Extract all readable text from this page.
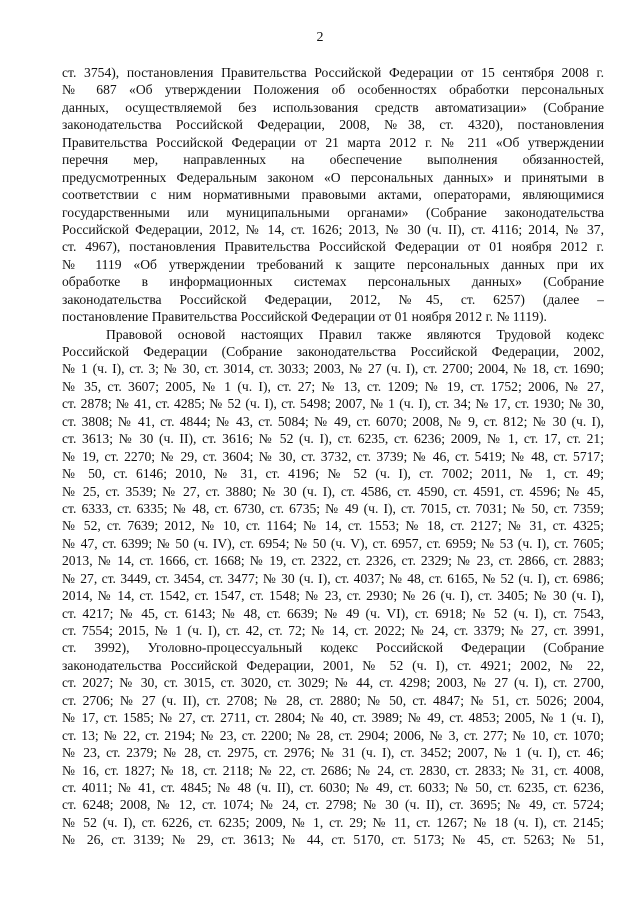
2
ст. 3754), постановления Правительства Российской Федерации от 15 сентября 2008 г.
№ 687 «Об утверждении Положения об особенностях обработки персональных
данных, осуществляемой без использования средств автоматизации» (Собрание
законодательства Российской Федерации, 2008, №38, ст. 4320), постановления
Правительства Российской Федерации от 21 марта 2012 г. № 211 «Об утверждении
перечня мер, направленных на обеспечение выполнения обязанностей,
предусмотренных Федеральным законом «О персональных данных» и принятыми в
соответствии с ним нормативными правовыми актами, операторами, являющимися
государственными или муниципальными органами» (Собрание законодательства
Российской Федерации, 2012, № 14, ст. 1626; 2013, № 30 (ч. II), ст. 4116; 2014, № 37,
ст. 4967), постановления Правительства Российской Федерации от 01 ноября 2012 г.
№ 1119 «Об утверждении требований к защите персональных данных при их
обработке в информационных системах персональных данных» (Собрание
законодательства Российской Федерации, 2012, №45, ст. 6257) (далее –
постановление Правительства Российской Федерации от 01 ноября 2012 г. № 1119).
Правовой основой настоящих Правил также являются Трудовой кодекс
Российской Федерации (Собрание законодательства Российской Федерации, 2002,
№ 1 (ч. I), ст. 3; № 30, ст. 3014, ст. 3033; 2003, № 27 (ч. I), ст. 2700; 2004, № 18, ст. 1690;
№ 35, ст. 3607; 2005, № 1 (ч. I), ст. 27; № 13, ст. 1209; № 19, ст. 1752; 2006, № 27,
ст. 2878; № 41, ст. 4285; № 52 (ч. I), ст. 5498; 2007, № 1 (ч. I), ст. 34; № 17, ст. 1930; № 30,
ст. 3808; № 41, ст. 4844; № 43, ст. 5084; № 49, ст. 6070; 2008, № 9, ст. 812; № 30 (ч. I),
ст. 3613; № 30 (ч. II), ст. 3616; № 52 (ч. I), ст. 6235, ст. 6236; 2009, № 1, ст. 17, ст. 21;
№ 19, ст. 2270; № 29, ст. 3604; № 30, ст. 3732, ст. 3739; № 46, ст. 5419; № 48, ст. 5717;
№ 50, ст. 6146; 2010, № 31, ст. 4196; № 52 (ч. I), ст. 7002; 2011, № 1, ст. 49;
№ 25, ст. 3539; № 27, ст. 3880; № 30 (ч. I), ст. 4586, ст. 4590, ст. 4591, ст. 4596; № 45,
ст. 6333, ст. 6335; № 48, ст. 6730, ст. 6735; № 49 (ч. I), ст. 7015, ст. 7031; № 50, ст. 7359;
№ 52, ст. 7639; 2012, № 10, ст. 1164; № 14, ст. 1553; № 18, ст. 2127; № 31, ст. 4325;
№ 47, ст. 6399; № 50 (ч. IV), ст. 6954; № 50 (ч. V), ст. 6957, ст. 6959; № 53 (ч. I), ст. 7605;
2013, № 14, ст. 1666, ст. 1668; № 19, ст. 2322, ст. 2326, ст. 2329; № 23, ст. 2866, ст. 2883;
№ 27, ст. 3449, ст. 3454, ст. 3477; № 30 (ч. I), ст. 4037; № 48, ст. 6165, № 52 (ч. I), ст. 6986;
2014, № 14, ст. 1542, ст. 1547, ст. 1548; № 23, ст. 2930; № 26 (ч. I), ст. 3405; № 30 (ч. I),
ст. 4217; № 45, ст. 6143; № 48, ст. 6639; № 49 (ч. VI), ст. 6918; № 52 (ч. I), ст. 7543,
ст. 7554; 2015, № 1 (ч. I), ст. 42, ст. 72; № 14, ст. 2022; № 24, ст. 3379; № 27, ст. 3991,
ст. 3992), Уголовно-процессуальный кодекс Российской Федерации (Собрание
законодательства Российской Федерации, 2001, № 52 (ч. I), ст. 4921; 2002, № 22,
ст. 2027; № 30, ст. 3015, ст. 3020, ст. 3029; № 44, ст. 4298; 2003, № 27 (ч. I), ст. 2700,
ст. 2706; № 27 (ч. II), ст. 2708; № 28, ст. 2880; № 50, ст. 4847; № 51, ст. 5026; 2004,
№ 17, ст. 1585; № 27, ст. 2711, ст. 2804; № 40, ст. 3989; № 49, ст. 4853; 2005, № 1 (ч. I),
ст. 13; № 22, ст. 2194; № 23, ст. 2200; № 28, ст. 2904; 2006, № 3, ст. 277; № 10, ст. 1070;
№ 23, ст. 2379; № 28, ст. 2975, ст. 2976; № 31 (ч. I), ст. 3452; 2007, № 1 (ч. I), ст. 46;
№ 16, ст. 1827; № 18, ст. 2118; № 22, ст. 2686; № 24, ст. 2830, ст. 2833; № 31, ст. 4008,
ст. 4011; № 41, ст. 4845; № 48 (ч. II), ст. 6030; № 49, ст. 6033; № 50, ст. 6235, ст. 6236,
ст. 6248; 2008, № 12, ст. 1074; № 24, ст. 2798; № 30 (ч. II), ст. 3695; № 49, ст. 5724;
№ 52 (ч. I), ст. 6226, ст. 6235; 2009, № 1, ст. 29; № 11, ст. 1267; № 18 (ч. I), ст. 2145;
№ 26, ст. 3139; № 29, ст. 3613; № 44, ст. 5170, ст. 5173; № 45, ст. 5263; № 51,
